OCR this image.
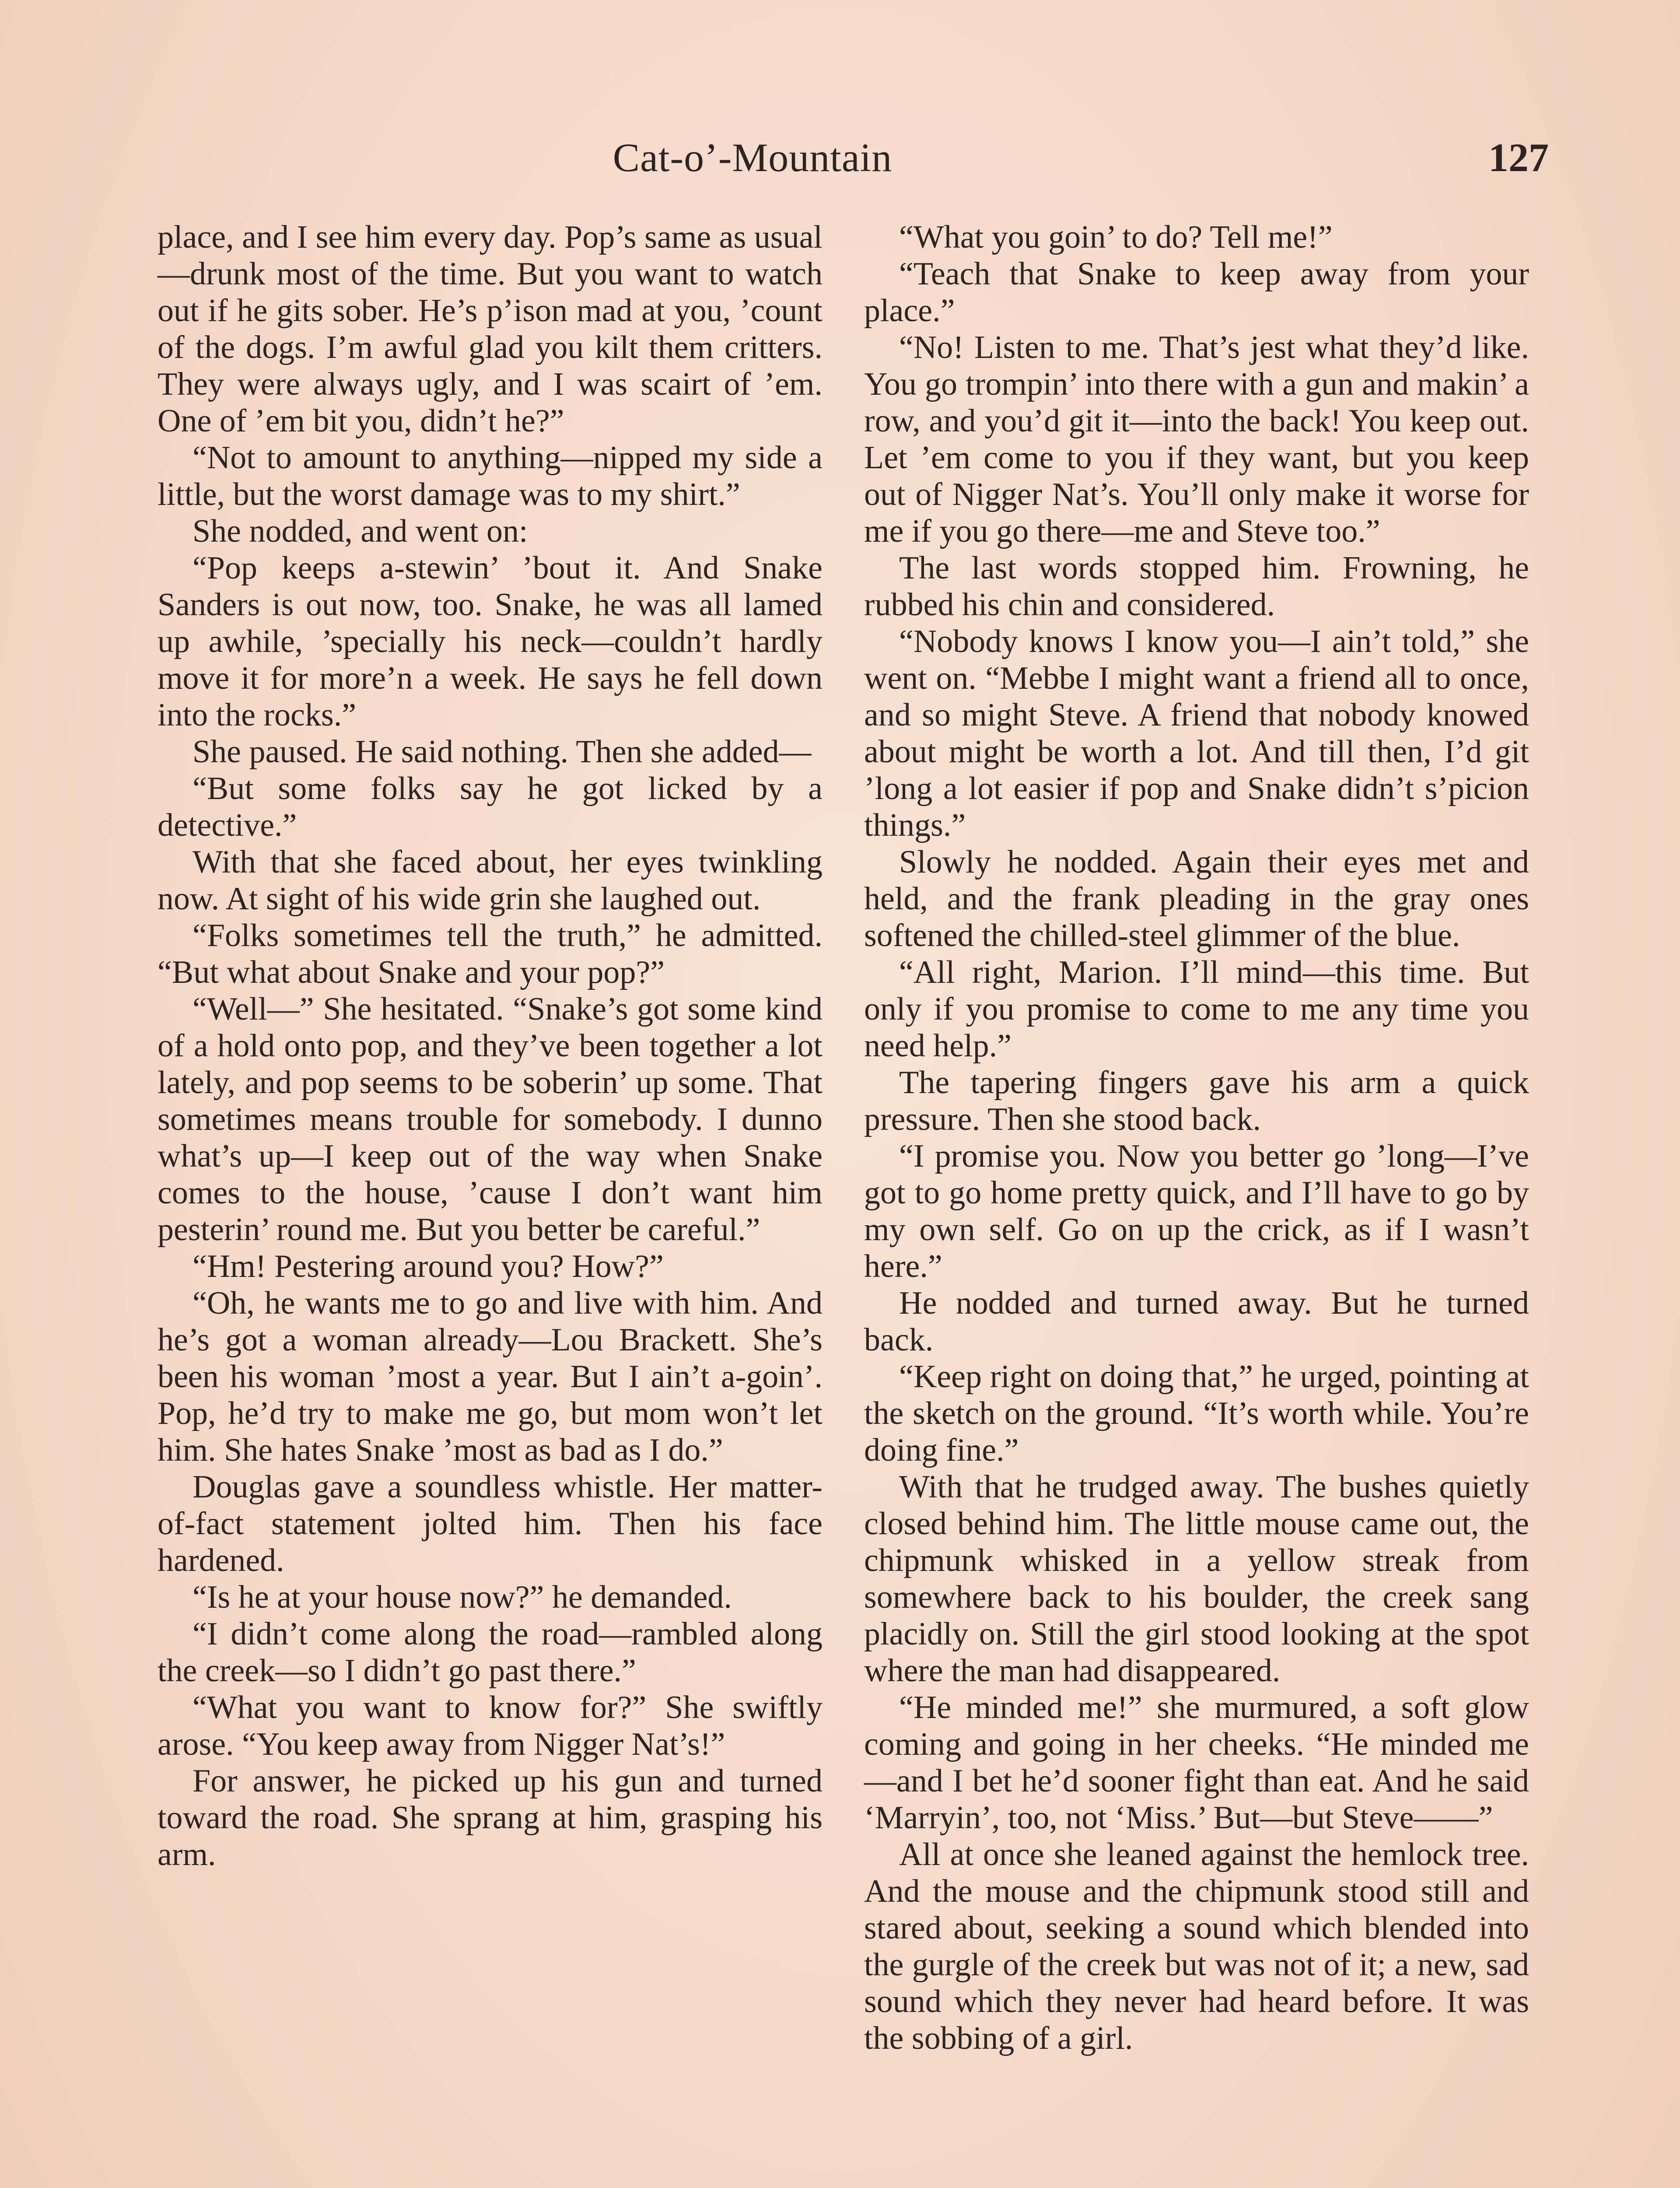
Cat-o’-Mountain	127

place, and I see him every day. Pop’s same as usual—drunk most of the time. But you want to watch out if he gits sober. He’s p’ison mad at you, ’count of the dogs. I’m awful glad you kilt them critters. They were always ugly, and I was scairt of ’em. One of ’em bit you, didn’t he?”

“Not to amount to anything—nipped my side a little, but the worst damage was to my shirt.”

She nodded, and went on:

“Pop keeps a-stewin’ ’bout it. And Snake Sanders is out now, too. Snake, he was all lamed up awhile, ’specially his neck—couldn’t hardly move it for more’n a week. He says he fell down into the rocks.”

She paused. He said nothing. Then she added—

“But some folks say he got licked by a detective.”

With that she faced about, her eyes twinkling now. At sight of his wide grin she laughed out.

“Folks sometimes tell the truth,” he admitted. “But what about Snake and your pop?”

“Well—” She hesitated. “Snake’s got some kind of a hold onto pop, and they’ve been together a lot lately, and pop seems to be soberin’ up some. That sometimes means trouble for somebody. I dunno what’s up—I keep out of the way when Snake comes to the house, ’cause I don’t want him pesterin’ round me. But you better be careful.”

“Hm! Pestering around you? How?”

“Oh, he wants me to go and live with him. And he’s got a woman already—Lou Brackett. She’s been his woman ’most a year. But I ain’t a-goin’. Pop, he’d try to make me go, but mom won’t let him. She hates Snake ’most as bad as I do.”

Douglas gave a soundless whistle. Her matter-of-fact statement jolted him. Then his face hardened.

“Is he at your house now?” he demanded.

“I didn’t come along the road—rambled along the creek—so I didn’t go past there.”

“What you want to know for?” She swiftly arose. “You keep away from Nigger Nat’s!”

For answer, he picked up his gun and turned toward the road. She sprang at him, grasping his arm.

“What you goin’ to do? Tell me!”

“Teach that Snake to keep away from your place.”

“No! Listen to me. That’s jest what they’d like. You go trompin’ into there with a gun and makin’ a row, and you’d git it—into the back! You keep out. Let ’em come to you if they want, but you keep out of Nigger Nat’s. You’ll only make it worse for me if you go there—me and Steve too.”

The last words stopped him. Frowning, he rubbed his chin and considered.

“Nobody knows I know you—I ain’t told,” she went on. “Mebbe I might want a friend all to once, and so might Steve. A friend that nobody knowed about might be worth a lot. And till then, I’d git ’long a lot easier if pop and Snake didn’t s’picion things.”

Slowly he nodded. Again their eyes met and held, and the frank pleading in the gray ones softened the chilled-steel glimmer of the blue.

“All right, Marion. I’ll mind—this time. But only if you promise to come to me any time you need help.”

The tapering fingers gave his arm a quick pressure. Then she stood back.

“I promise you. Now you better go ’long—I’ve got to go home pretty quick, and I’ll have to go by my own self. Go on up the crick, as if I wasn’t here.”

He nodded and turned away. But he turned back.

“Keep right on doing that,” he urged, pointing at the sketch on the ground. “It’s worth while. You’re doing fine.”

With that he trudged away. The bushes quietly closed behind him. The little mouse came out, the chipmunk whisked in a yellow streak from somewhere back to his boulder, the creek sang placidly on. Still the girl stood looking at the spot where the man had disappeared.

“He minded me!” she murmured, a soft glow coming and going in her cheeks. “He minded me—and I bet he’d sooner fight than eat. And he said ‘Marryin’, too, not ‘Miss.’ But—but Steve——”

All at once she leaned against the hemlock tree. And the mouse and the chipmunk stood still and stared about, seeking a sound which blended into the gurgle of the creek but was not of it; a new, sad sound which they never had heard before. It was the sobbing of a girl.
